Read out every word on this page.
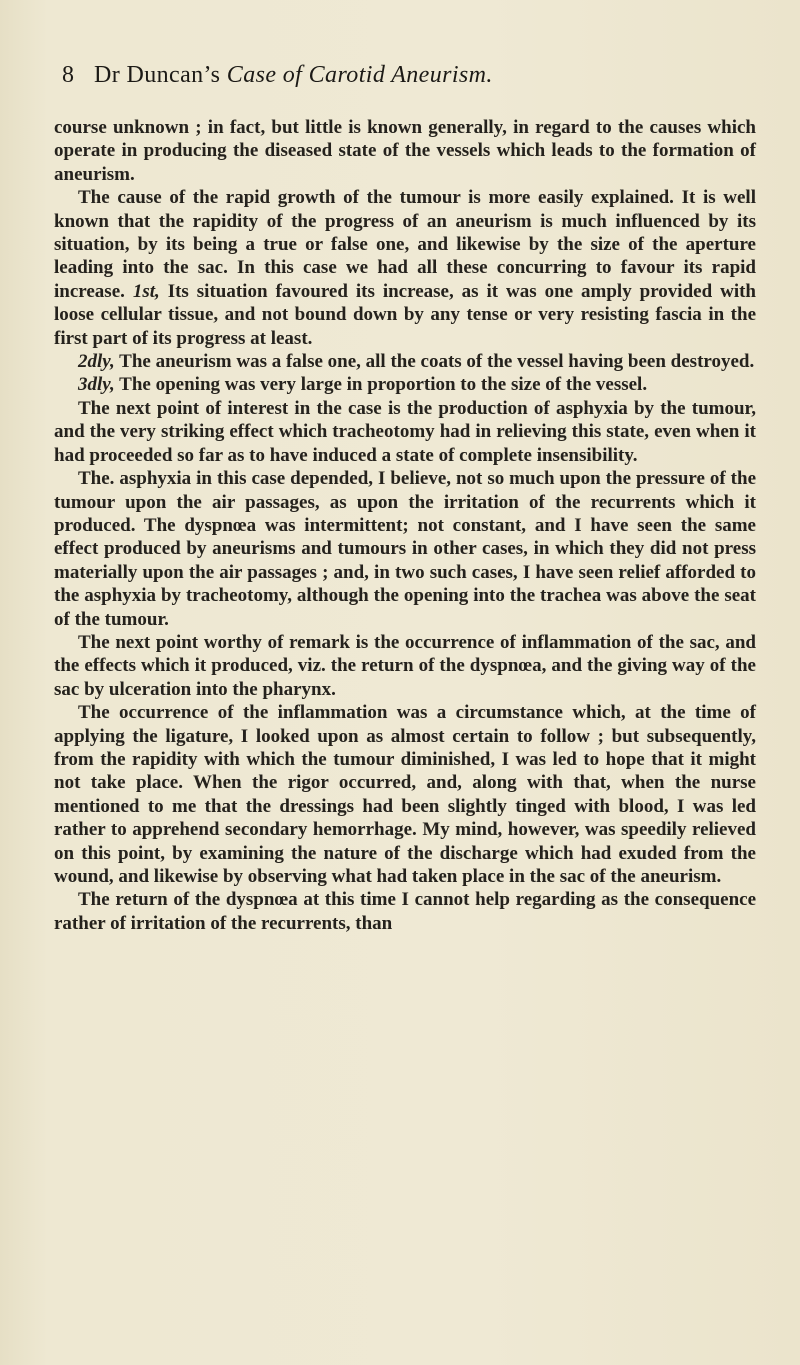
8 Dr Duncan’s Case of Carotid Aneurism.

course unknown ; in fact, but little is known generally, in regard to the causes which operate in producing the diseased state of the vessels which leads to the formation of aneurism.

The cause of the rapid growth of the tumour is more easily explained. It is well known that the rapidity of the progress of an aneurism is much influenced by its situation, by its being a true or false one, and likewise by the size of the aperture leading into the sac. In this case we had all these concurring to favour its rapid increase. 1st, Its situation favoured its increase, as it was one amply provided with loose cellular tissue, and not bound down by any tense or very resisting fascia in the first part of its progress at least.

2dly, The aneurism was a false one, all the coats of the vessel having been destroyed.

3dly, The opening was very large in proportion to the size of the vessel.

The next point of interest in the case is the production of asphyxia by the tumour, and the very striking effect which tracheotomy had in relieving this state, even when it had proceeded so far as to have induced a state of complete insensibility.

The. asphyxia in this case depended, I believe, not so much upon the pressure of the tumour upon the air passages, as upon the irritation of the recurrents which it produced. The dyspnœa was intermittent; not constant, and I have seen the same effect produced by aneurisms and tumours in other cases, in which they did not press materially upon the air passages ; and, in two such cases, I have seen relief afforded to the asphyxia by tracheotomy, although the opening into the trachea was above the seat of the tumour.

The next point worthy of remark is the occurrence of inflammation of the sac, and the effects which it produced, viz. the return of the dyspnœa, and the giving way of the sac by ulceration into the pharynx.

The occurrence of the inflammation was a circumstance which, at the time of applying the ligature, I looked upon as almost certain to follow ; but subsequently, from the rapidity with which the tumour diminished, I was led to hope that it might not take place. When the rigor occurred, and, along with that, when the nurse mentioned to me that the dressings had been slightly tinged with blood, I was led rather to apprehend secondary hemorrhage. My mind, however, was speedily relieved on this point, by examining the nature of the discharge which had exuded from the wound, and likewise by observing what had taken place in the sac of the aneurism.

The return of the dyspnœa at this time I cannot help regarding as the consequence rather of irritation of the recurrents, than
